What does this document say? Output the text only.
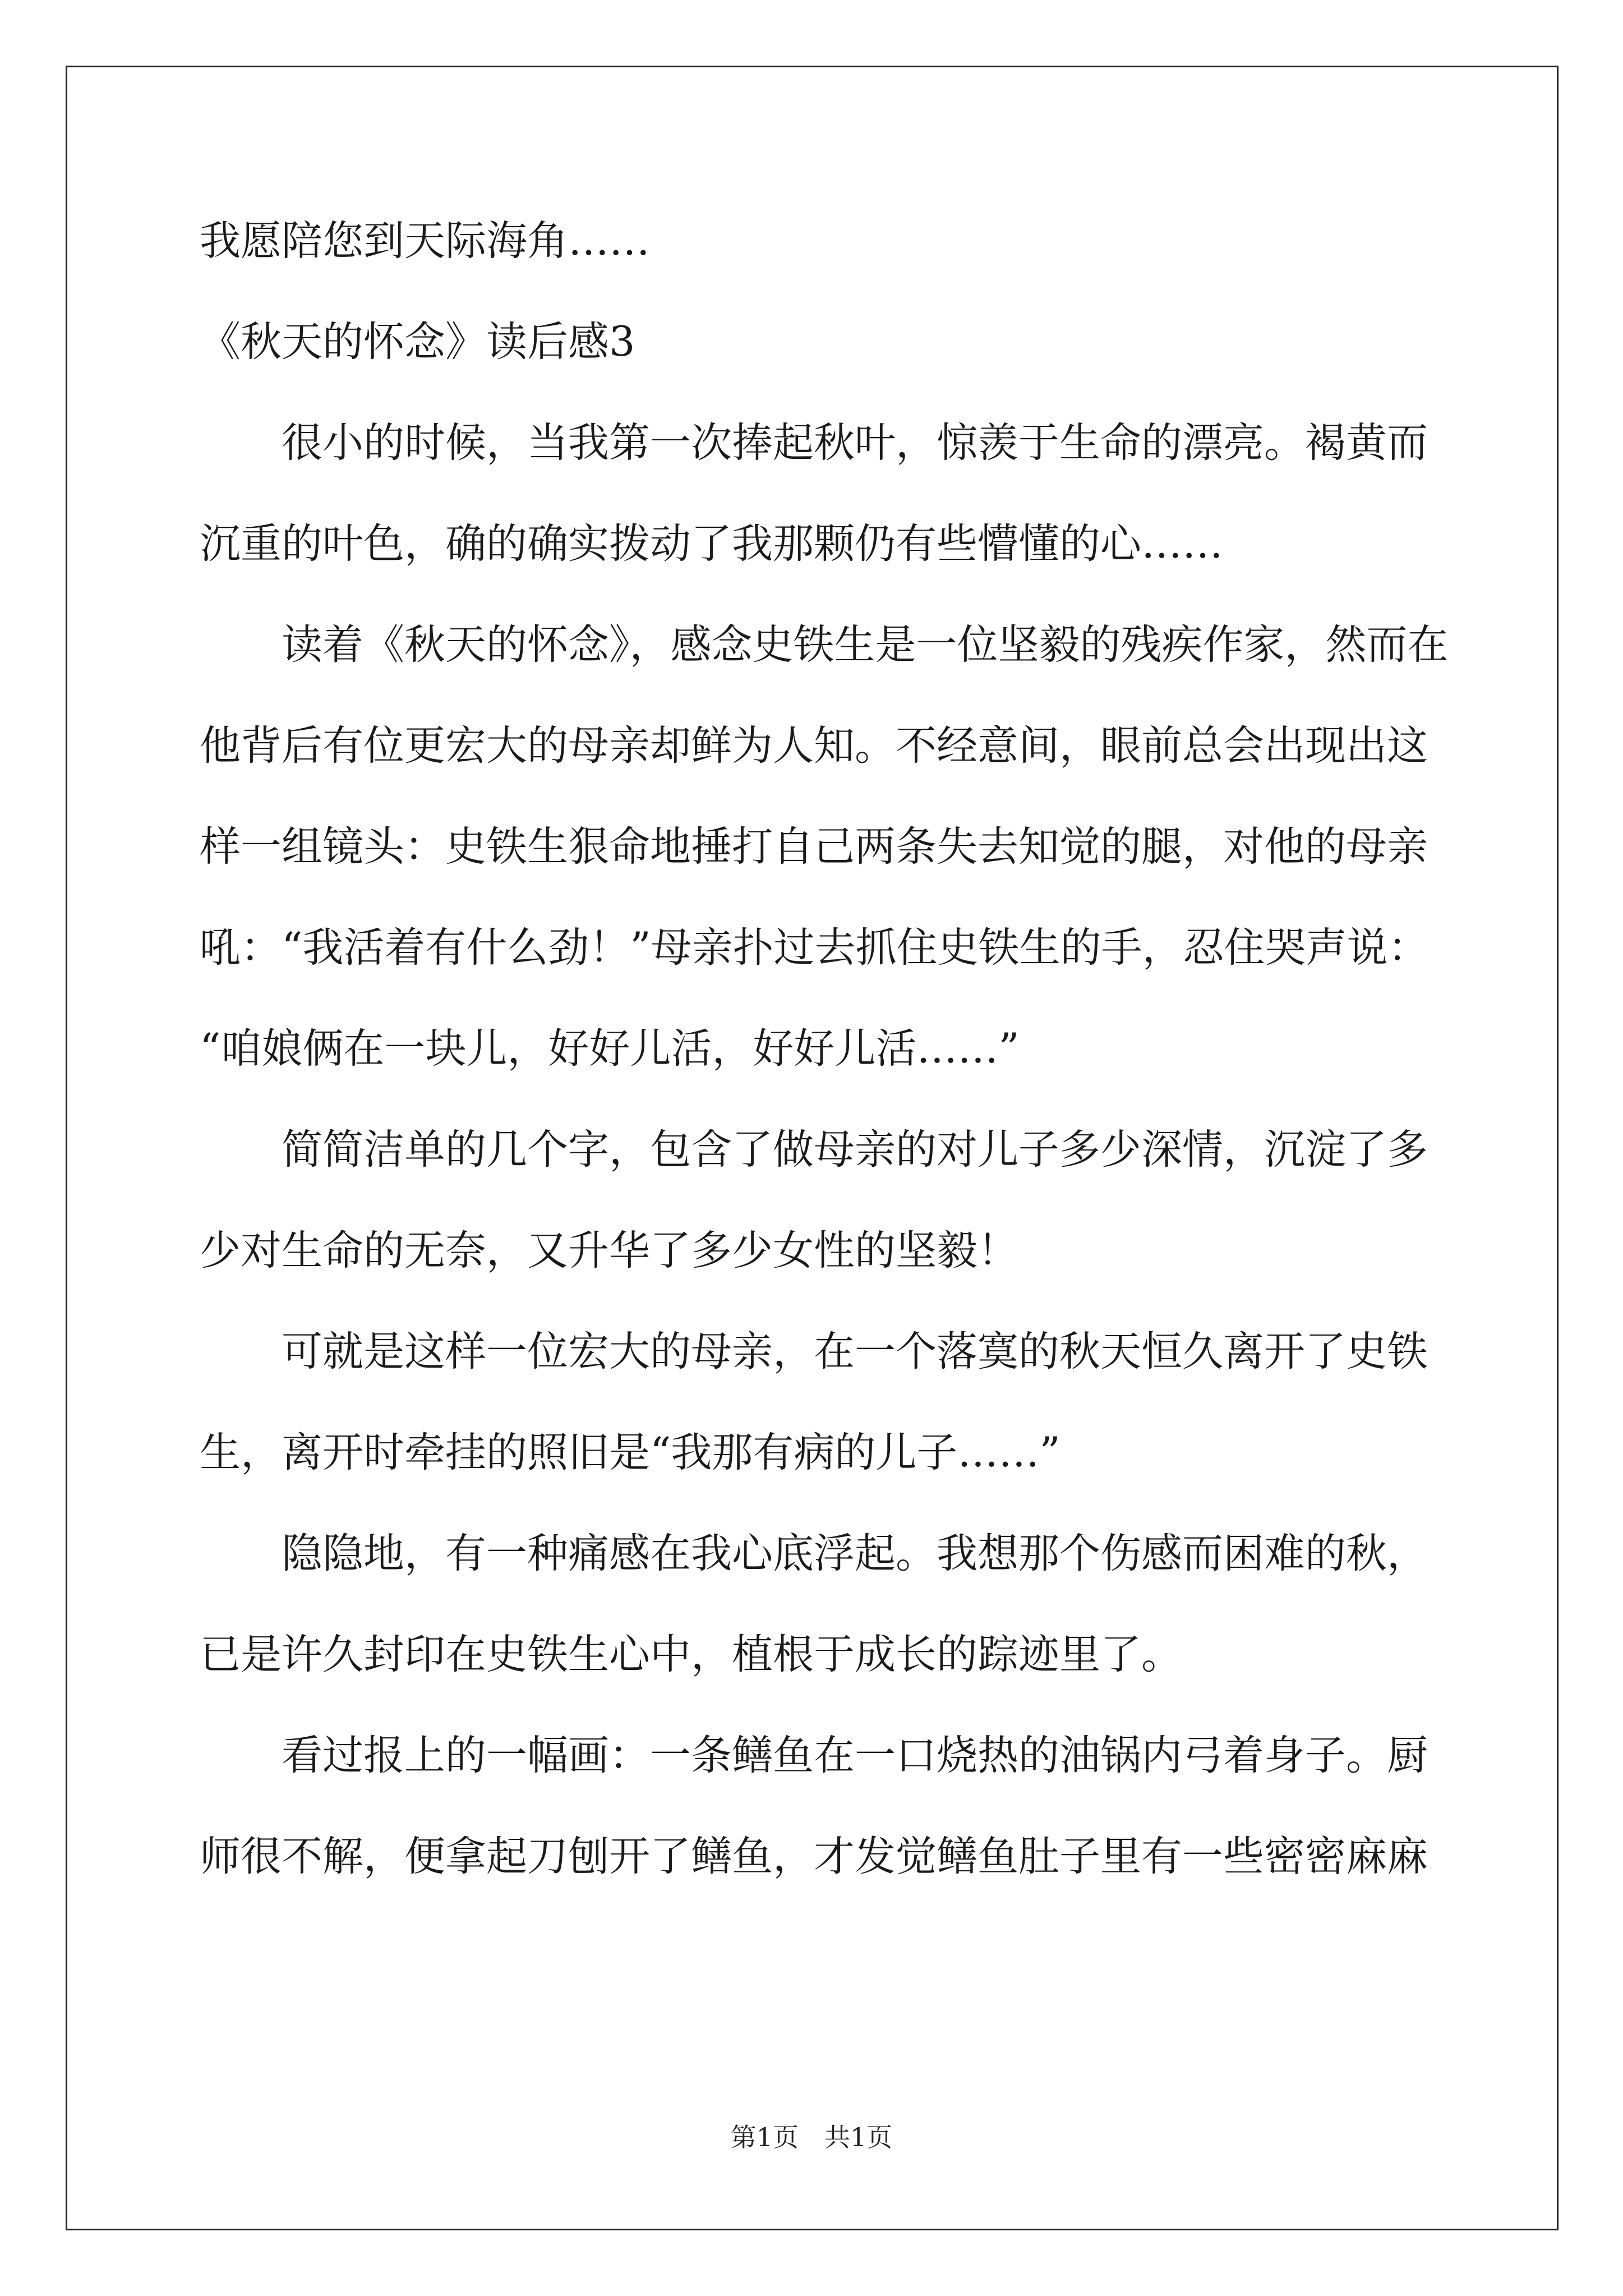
我愿陪您到天际海角……

《秋天的怀念》读后感3

很小的时候，当我第一次捧起秋叶，惊羡于生命的漂亮。褐黄而

沉重的叶色，确的确实拨动了我那颗仍有些懵懂的心……

读着《秋天的怀念》，感念史铁生是一位坚毅的残疾作家，然而在

他背后有位更宏大的母亲却鲜为人知。不经意间，眼前总会出现出这

样一组镜头：史铁生狠命地捶打自己两条失去知觉的腿，对他的母亲

吼：“我活着有什么劲！”母亲扑过去抓住史铁生的手，忍住哭声说：

“咱娘俩在一块儿，好好儿活，好好儿活……”

简简洁单的几个字，包含了做母亲的对儿子多少深情，沉淀了多

少对生命的无奈，又升华了多少女性的坚毅！

可就是这样一位宏大的母亲，在一个落寞的秋天恒久离开了史铁

生，离开时牵挂的照旧是“我那有病的儿子……”

隐隐地，有一种痛感在我心底浮起。我想那个伤感而困难的秋，

已是许久封印在史铁生心中，植根于成长的踪迹里了。

看过报上的一幅画：一条鳝鱼在一口烧热的油锅内弓着身子。厨

师很不解，便拿起刀刨开了鳝鱼，才发觉鳝鱼肚子里有一些密密麻麻

第1页 共1页
